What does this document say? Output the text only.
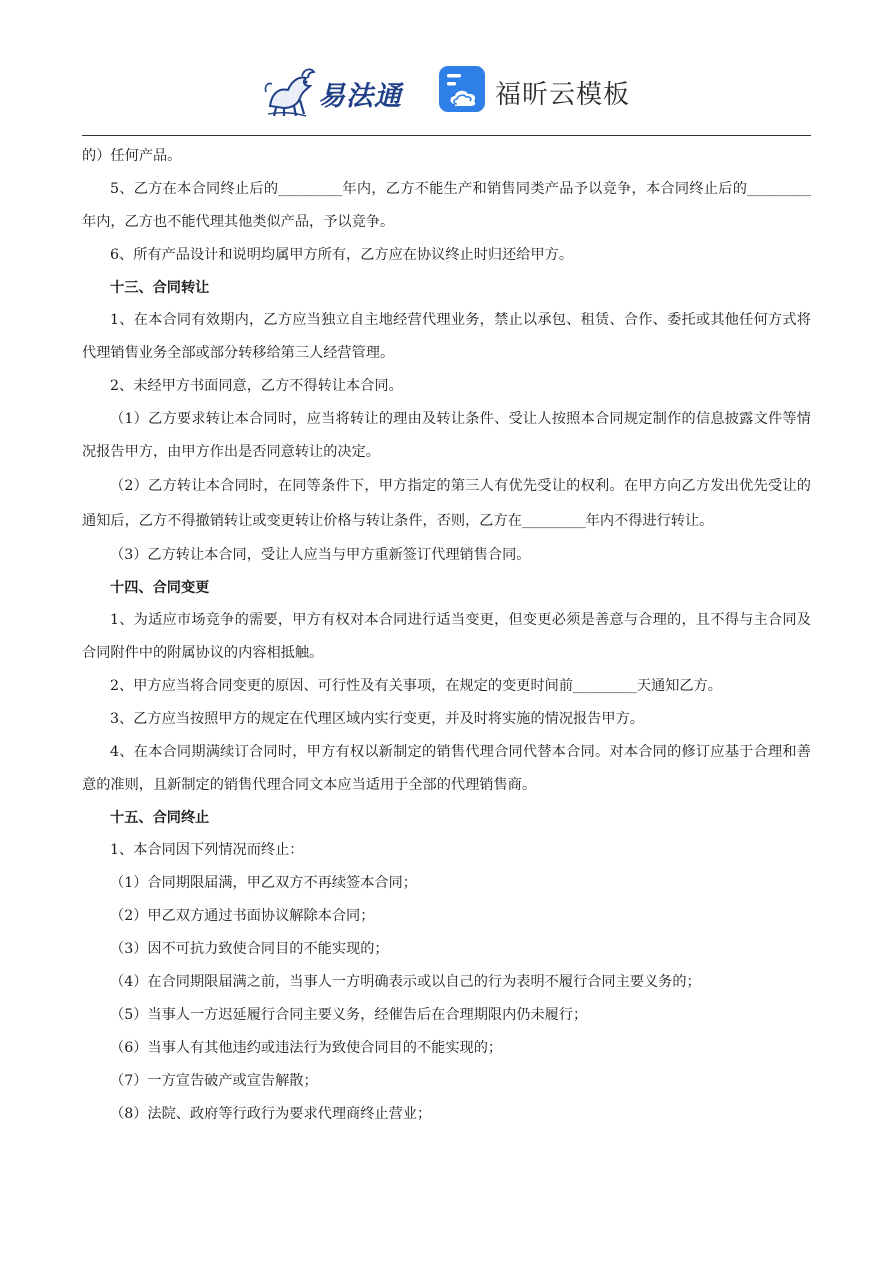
易法通	福昕云模板

的）任何产品。

5、乙方在本合同终止后的_________年内，乙方不能生产和销售同类产品予以竞争，本合同终止后的_________年内，乙方也不能代理其他类似产品，予以竞争。

6、所有产品设计和说明均属甲方所有，乙方应在协议终止时归还给甲方。

十三、合同转让

1、在本合同有效期内，乙方应当独立自主地经营代理业务，禁止以承包、租赁、合作、委托或其他任何方式将代理销售业务全部或部分转移给第三人经营管理。

2、未经甲方书面同意，乙方不得转让本合同。

（1）乙方要求转让本合同时，应当将转让的理由及转让条件、受让人按照本合同规定制作的信息披露文件等情况报告甲方，由甲方作出是否同意转让的决定。

（2）乙方转让本合同时，在同等条件下，甲方指定的第三人有优先受让的权利。在甲方向乙方发出优先受让的通知后，乙方不得撤销转让或变更转让价格与转让条件，否则，乙方在_________年内不得进行转让。

（3）乙方转让本合同，受让人应当与甲方重新签订代理销售合同。

十四、合同变更

1、为适应市场竞争的需要，甲方有权对本合同进行适当变更，但变更必须是善意与合理的，且不得与主合同及合同附件中的附属协议的内容相抵触。

2、甲方应当将合同变更的原因、可行性及有关事项，在规定的变更时间前_________天通知乙方。

3、乙方应当按照甲方的规定在代理区域内实行变更，并及时将实施的情况报告甲方。

4、在本合同期满续订合同时，甲方有权以新制定的销售代理合同代替本合同。对本合同的修订应基于合理和善意的准则，且新制定的销售代理合同文本应当适用于全部的代理销售商。

十五、合同终止

1、本合同因下列情况而终止：

（1）合同期限届满，甲乙双方不再续签本合同；

（2）甲乙双方通过书面协议解除本合同；

（3）因不可抗力致使合同目的不能实现的；

（4）在合同期限届满之前，当事人一方明确表示或以自己的行为表明不履行合同主要义务的；

（5）当事人一方迟延履行合同主要义务，经催告后在合理期限内仍未履行；

（6）当事人有其他违约或违法行为致使合同目的不能实现的；

（7）一方宣告破产或宣告解散；

（8）法院、政府等行政行为要求代理商终止营业；
